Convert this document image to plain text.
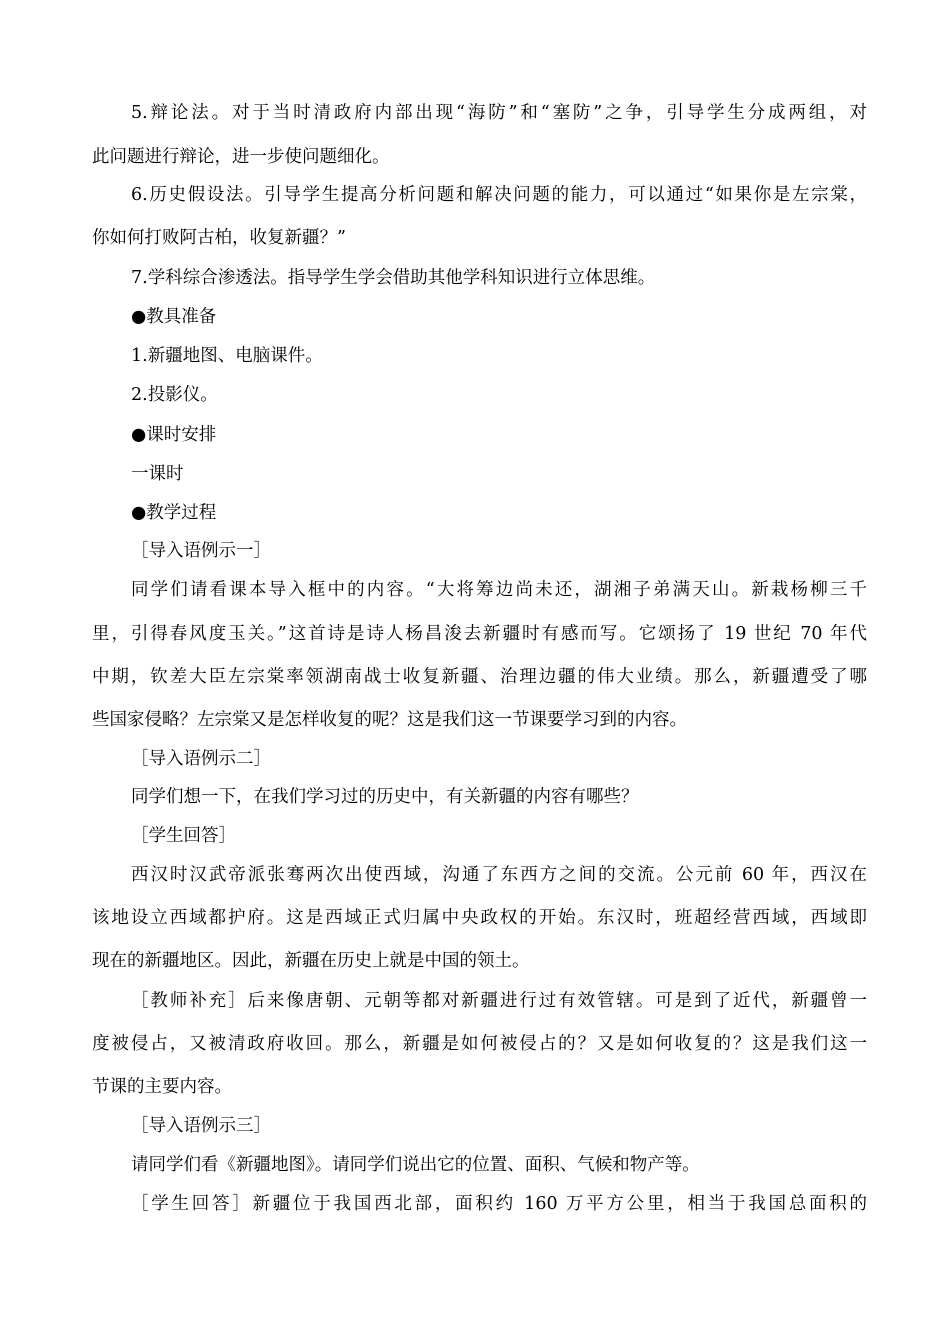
5.辩论法。对于当时清政府内部出现“海防”和“塞防”之争，引导学生分成两组，对
此问题进行辩论，进一步使问题细化。
6.历史假设法。引导学生提高分析问题和解决问题的能力，可以通过“如果你是左宗棠，
你如何打败阿古柏，收复新疆？”
7.学科综合渗透法。指导学生学会借助其他学科知识进行立体思维。
●教具准备
1.新疆地图、电脑课件。
2.投影仪。
●课时安排
一课时
●教学过程
［导入语例示一］
同学们请看课本导入框中的内容。“大将筹边尚未还，湖湘子弟满天山。新栽杨柳三千
里，引得春风度玉关。”这首诗是诗人杨昌浚去新疆时有感而写。它颂扬了 19 世纪 70 年代
中期，钦差大臣左宗棠率领湖南战士收复新疆、治理边疆的伟大业绩。那么，新疆遭受了哪
些国家侵略？左宗棠又是怎样收复的呢？这是我们这一节课要学习到的内容。
［导入语例示二］
同学们想一下，在我们学习过的历史中，有关新疆的内容有哪些？
［学生回答］
西汉时汉武帝派张骞两次出使西域，沟通了东西方之间的交流。公元前 60 年，西汉在
该地设立西域都护府。这是西域正式归属中央政权的开始。东汉时，班超经营西域，西域即
现在的新疆地区。因此，新疆在历史上就是中国的领土。
［教师补充］后来像唐朝、元朝等都对新疆进行过有效管辖。可是到了近代，新疆曾一
度被侵占，又被清政府收回。那么，新疆是如何被侵占的？又是如何收复的？这是我们这一
节课的主要内容。
［导入语例示三］
请同学们看《新疆地图》。请同学们说出它的位置、面积、气候和物产等。
［学生回答］新疆位于我国西北部，面积约 160 万平方公里，相当于我国总面积的
